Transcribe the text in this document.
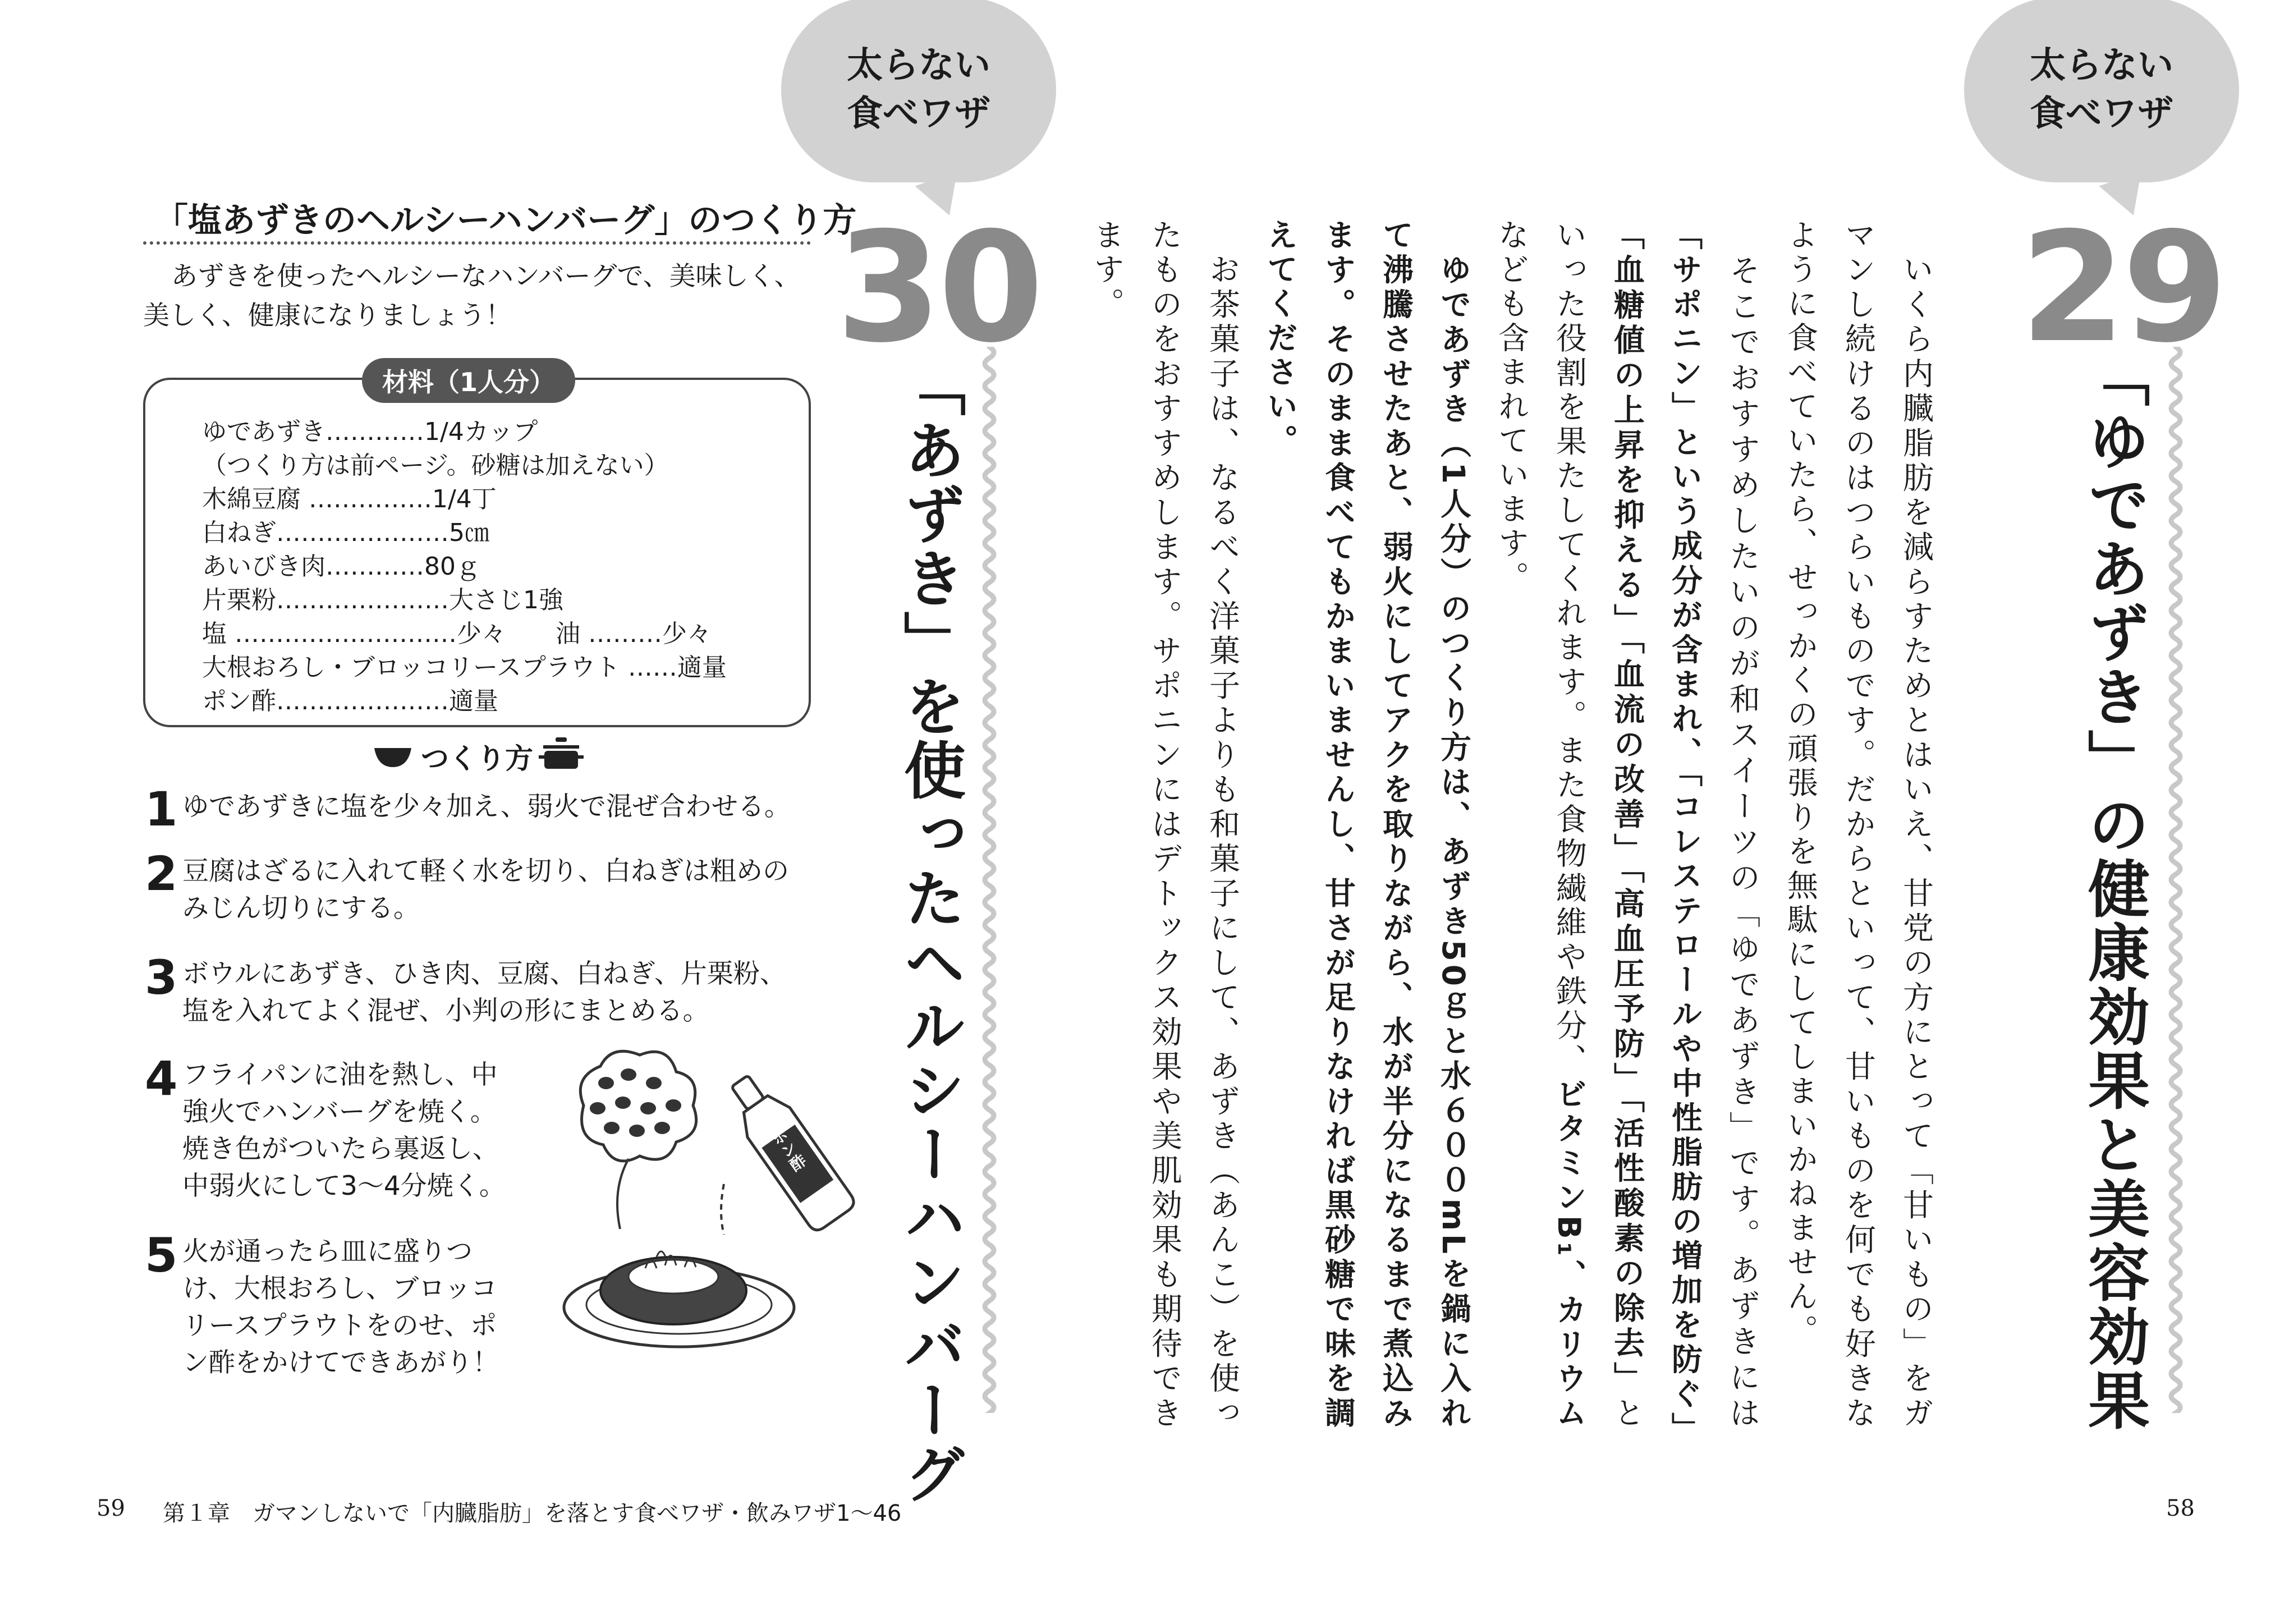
太らない
食べワザ
30
「あずき」を使ったヘルシーハンバーグ
「塩あずきのヘルシーハンバーグ」のつくり方
あずきを使ったヘルシーなハンバーグで、美味しく、
美しく、健康になりましょう！
材料（1人分）
ゆであずき…………1/4カップ
（つくり方は前ページ。砂糖は加えない）
木綿豆腐 ……………1/4丁
白ねぎ…………………5㎝
あいびき肉…………80ｇ
片栗粉…………………大さじ1強
塩 ………………………少々　　油 ………少々
大根おろし・ブロッコリースプラウト ……適量
ポン酢…………………適量
つくり方
1 ゆであずきに塩を少々加え、弱火で混ぜ合わせる。
2 豆腐はざるに入れて軽く水を切り、白ねぎは粗めの
みじん切りにする。
3 ボウルにあずき、ひき肉、豆腐、白ねぎ、片栗粉、
塩を入れてよく混ぜ、小判の形にまとめる。
4 フライパンに油を熱し、中
強火でハンバーグを焼く。
焼き色がついたら裏返し、
中弱火にして3〜4分焼く。
5 火が通ったら皿に盛りつ
け、大根おろし、ブロッコ
リースプラウトをのせ、ポ
ン酢をかけてできあがり！
ポン酢
59 第１章　ガマンしないで「内臓脂肪」を落とす食べワザ・飲みワザ1〜46
太らない
食べワザ
29
「ゆであずき」の健康効果と美容効果

　いくら内臓脂肪を減らすためとはいえ、甘党の方にとって「甘いもの」をガマンし続けるのはつらいものです。だからといって、甘いものを何でも好きなように食べていたら、せっかくの頑張りを無駄にしてしまいかねません。

　そこでおすすめしたいのが和スイーツの「ゆであずき」です。あずきには「サポニン」という成分が含まれ、「コレステロールや中性脂肪の増加を防ぐ」「血糖値の上昇を抑える」「血流の改善」「高血圧予防」「活性酸素の除去」といった役割を果たしてくれます。また食物繊維や鉄分、ビタミンB₁、カリウムなども含まれています。

　ゆであずき（1人分）のつくり方は、あずき50ｇと水６００mLを鍋に入れて沸騰させたあと、弱火にしてアクを取りながら、水が半分になるまで煮込みます。そのまま食べてもかまいませんし、甘さが足りなければ黒砂糖で味を調えてください。

　お茶菓子は、なるべく洋菓子よりも和菓子にして、あずき（あんこ）を使ったものをおすすめします。サポニンにはデトックス効果や美肌効果も期待できます。

58
